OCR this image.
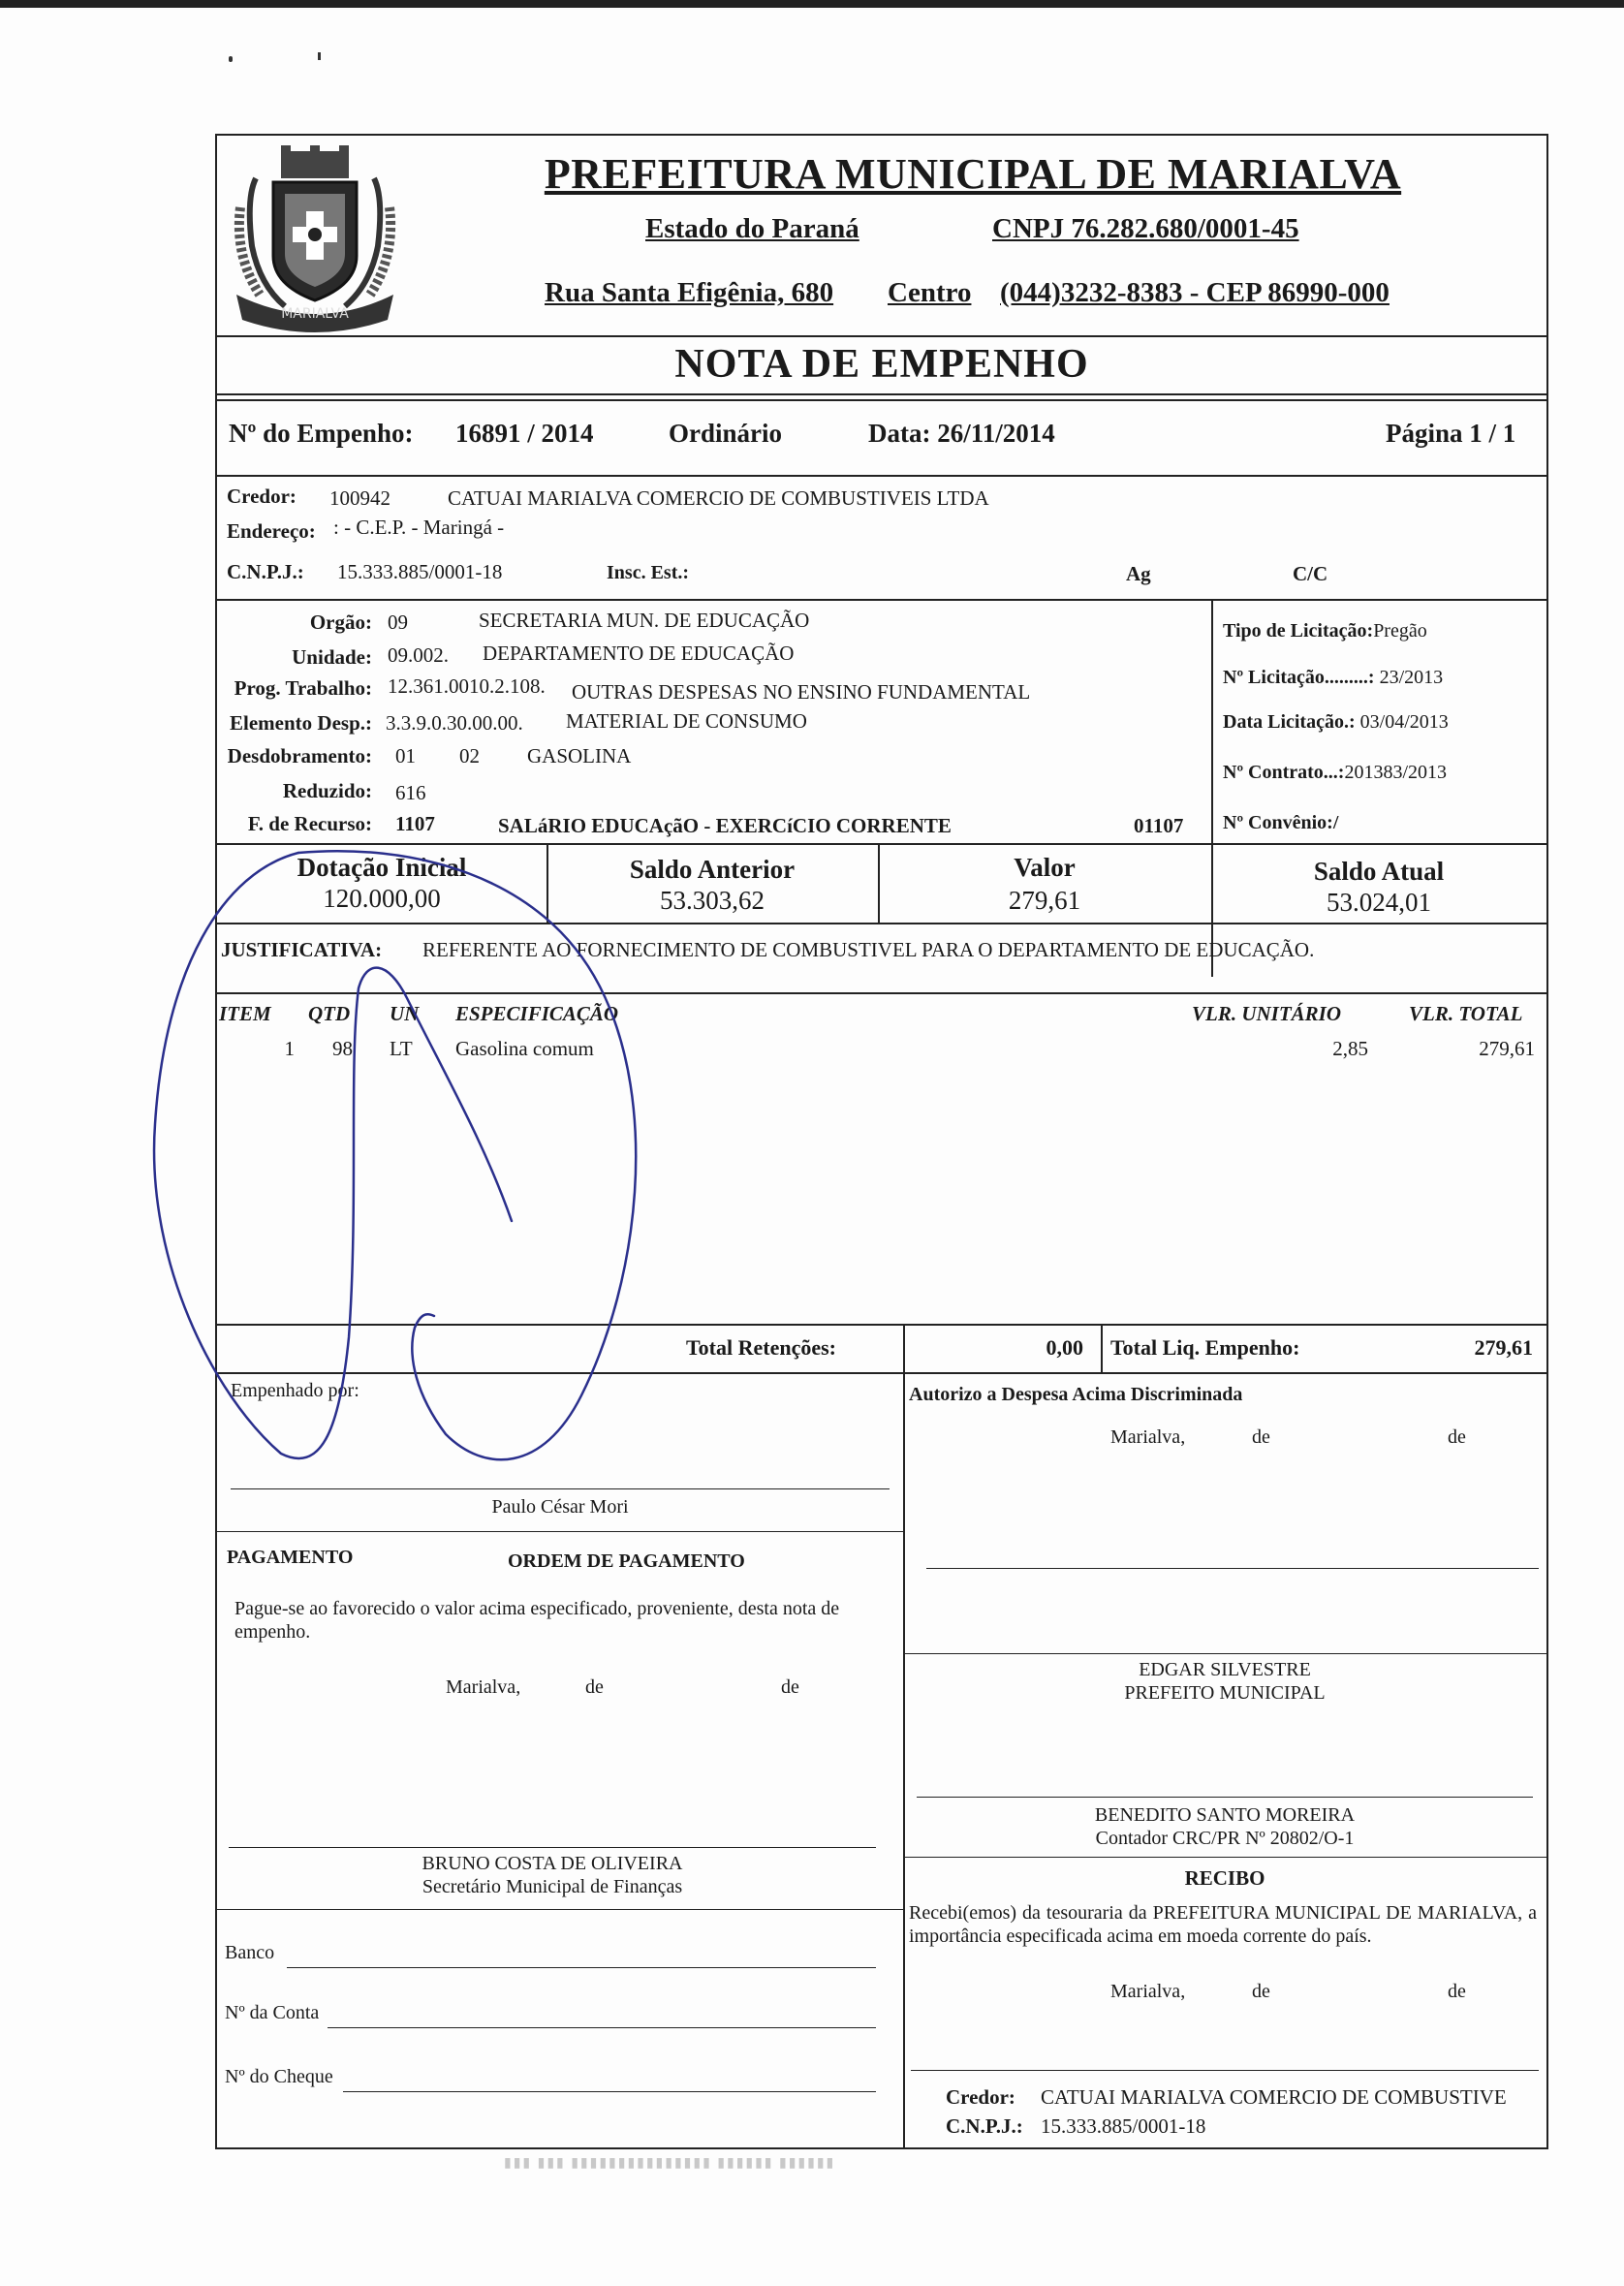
MARIALVA
PREFEITURA MUNICIPAL DE MARIALVA
Estado do Paraná	CNPJ 76.282.680/0001-45
Rua Santa Efigênia, 680 Centro (044)3232-8383 - CEP 86990-000
NOTA DE EMPENHO
Nº do Empenho: 16891 / 2014	Ordinário	Data: 26/11/2014	Página 1 / 1
Credor: 100942	CATUAI MARIALVA COMERCIO DE COMBUSTIVEIS LTDA
Endereço: : - C.E.P. - Maringá -
C.N.P.J.: 15.333.885/0001-18	Insc. Est.:	Ag	C/C
Orgão: 09	SECRETARIA MUN. DE EDUCAÇÃO
Unidade: 09.002. DEPARTAMENTO DE EDUCAÇÃO
Prog. Trabalho: 12.361.0010.2.108. OUTRAS DESPESAS NO ENSINO FUNDAMENTAL
Elemento Desp.: 3.3.9.0.30.00.00. MATERIAL DE CONSUMO
Desdobramento: 01 02 GASOLINA
Reduzido: 616
F. de Recurso: 1107	SALáRIO EDUCAçãO - EXERCíCIO CORRENTE	01107
Tipo de Licitação:Pregão
Nº Licitação.........: 23/2013
Data Licitação.: 03/04/2013
Nº Contrato...:201383/2013
Nº Convênio:/
Dotação Inicial
120.000,00
Saldo Anterior
53.303,62
Valor
279,61
Saldo Atual
53.024,01
JUSTIFICATIVA: REFERENTE AO FORNECIMENTO DE COMBUSTIVEL PARA O DEPARTAMENTO DE EDUCAÇÃO.
ITEM QTD UN ESPECIFICAÇÃO	VLR. UNITÁRIO	VLR. TOTAL
1	98 LT Gasolina comum	2,85	279,61
Total Retenções:	0,00 Total Liq. Empenho:	279,61
Empenhado por:
Paulo César Mori
Autorizo a Despesa Acima Discriminada
Marialva,	de	de
EDGAR SILVESTRE
PREFEITO MUNICIPAL
BENEDITO SANTO MOREIRA
Contador CRC/PR Nº 20802/O-1
PAGAMENTO	ORDEM DE PAGAMENTO
Pague-se ao favorecido o valor acima especificado, proveniente, desta nota de empenho.
Marialva,	de	de
BRUNO COSTA DE OLIVEIRA
Secretário Municipal de Finanças
Banco
Nº da Conta
Nº do Cheque
RECIBO
Recebi(emos) da tesouraria da PREFEITURA MUNICIPAL DE MARIALVA, a importância especificada acima em moeda corrente do país.
Marialva,	de	de
Credor: CATUAI MARIALVA COMERCIO DE COMBUSTIVE
C.N.P.J.: 15.333.885/0001-18
▮▮▮ ▮▮▮ ▮▮▮▮▮▮▮▮▮▮▮▮▮▮▮ ▮▮▮▮▮▮ ▮▮▮▮▮▮
